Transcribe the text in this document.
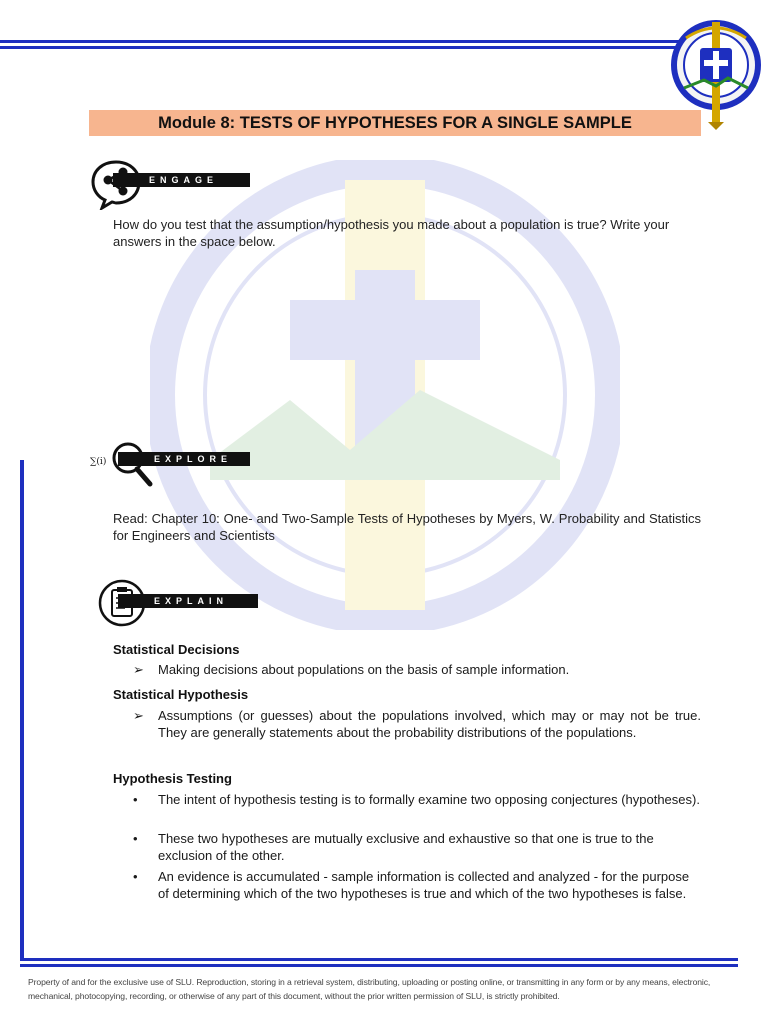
Module 8: TESTS OF HYPOTHESES FOR A SINGLE SAMPLE
ENGAGE
How do you test that the assumption/hypothesis you made about a population is true? Write your answers in the space below.
∑(i)	EXPLORE
Read: Chapter 10: One- and Two-Sample Tests of Hypotheses by Myers, W. Probability and Statistics for Engineers and Scientists
EXPLAIN
Statistical Decisions
➢	Making decisions about populations on the basis of sample information.
Statistical Hypothesis
➢	Assumptions (or guesses) about the populations involved, which may or may not be true. They are generally statements about the probability distributions of the populations.
Hypothesis Testing
•	The intent of hypothesis testing is to formally examine two opposing conjectures (hypotheses).
•	These two hypotheses are mutually exclusive and exhaustive so that one is true to the exclusion of the other.
•	An evidence is accumulated - sample information is collected and analyzed - for the purpose of determining which of the two hypotheses is true and which of the two hypotheses is false.
Property of and for the exclusive use of SLU. Reproduction, storing in a retrieval system, distributing, uploading or posting online, or transmitting in any form or by any means, electronic, mechanical, photocopying, recording, or otherwise of any part of this document, without the prior written permission of SLU, is strictly prohibited.
